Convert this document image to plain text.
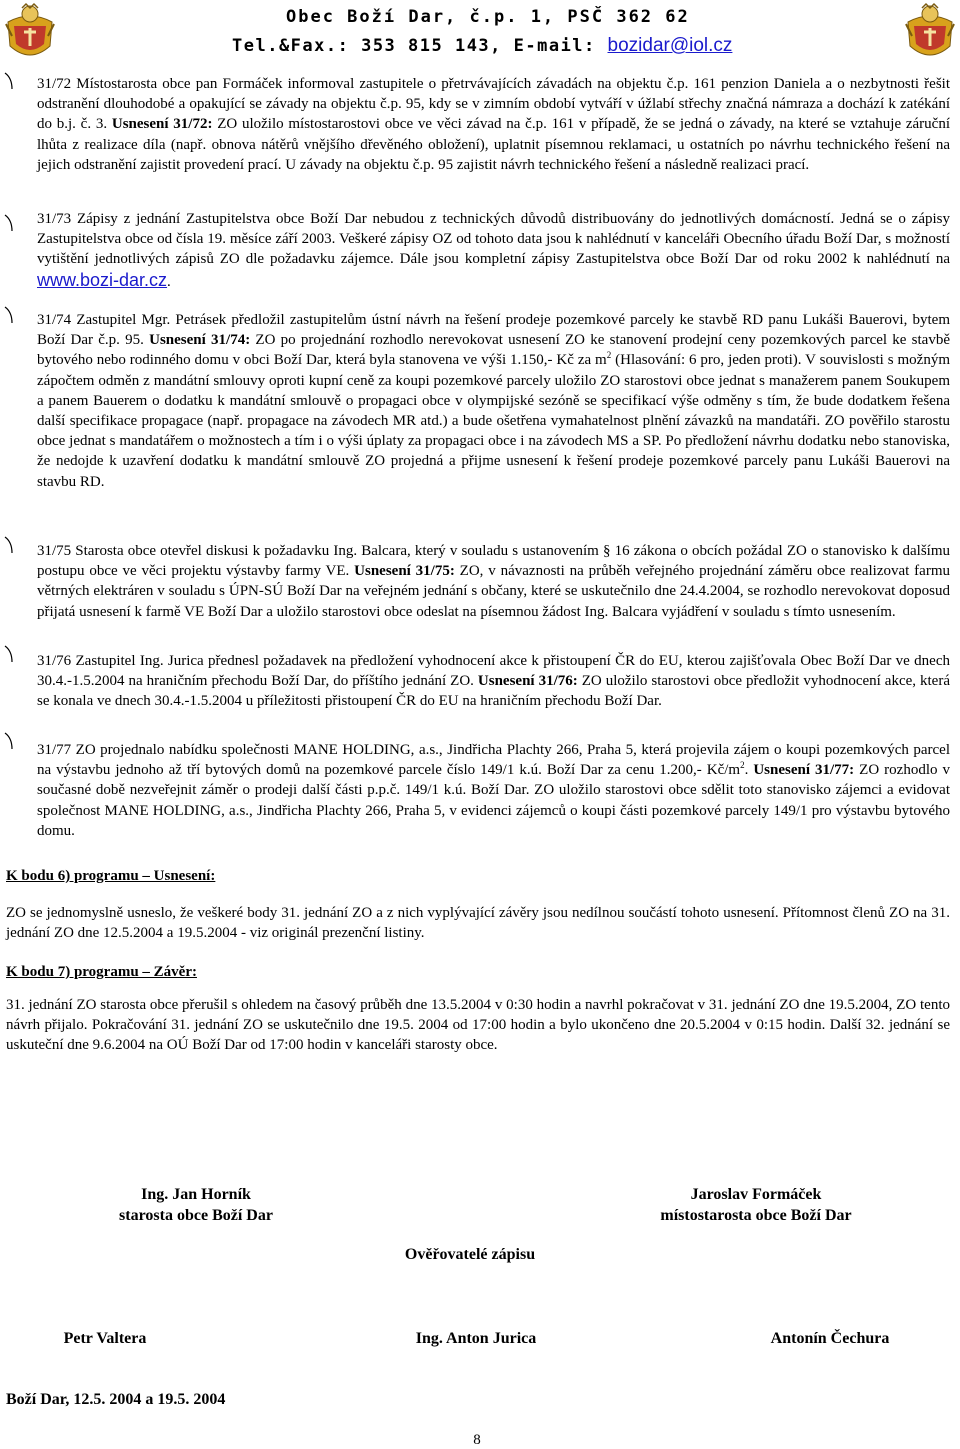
Obec Boží Dar, č.p. 1, PSČ 362 62
Tel.&Fax.: 353 815 143, E-mail: bozidar@iol.cz
31/72 Místostarosta obce pan Formáček informoval zastupitele o přetrvávajících závadách na objektu č.p. 161 penzion Daniela a o nezbytnosti řešit odstranění dlouhodobé a opakující se závady na objektu č.p. 95, kdy se v zimním období vytváří v úžlabí střechy značná námraza a dochází k zatékání do b.j. č. 3. Usnesení 31/72: ZO uložilo místostarostovi obce ve věci závad na č.p. 161 v případě, že se jedná o závady, na které se vztahuje záruční lhůta z realizace díla (např. obnova nátěrů vnějšího dřevěného obložení), uplatnit písemnou reklamaci, u ostatních po návrhu technického řešení na jejich odstranění zajistit provedení prací. U závady na objektu č.p. 95 zajistit návrh technického řešení a následně realizaci prací.
31/73 Zápisy z jednání Zastupitelstva obce Boží Dar nebudou z technických důvodů distribuovány do jednotlivých domácností. Jedná se o zápisy Zastupitelstva obce od čísla 19. měsíce září 2003. Veškeré zápisy OZ od tohoto data jsou k nahlédnutí v kanceláři Obecního úřadu Boží Dar, s možností vytištění jednotlivých zápisů ZO dle požadavku zájemce. Dále jsou kompletní zápisy Zastupitelstva obce Boží Dar od roku 2002 k nahlédnutí na www.bozi-dar.cz.
31/74 Zastupitel Mgr. Petrásek předložil zastupitelům ústní návrh na řešení prodeje pozemkové parcely ke stavbě RD panu Lukáši Bauerovi, bytem Boží Dar č.p. 95. Usnesení 31/74: ZO po projednání rozhodlo nerevokovat usnesení ZO ke stanovení prodejní ceny pozemkových parcel ke stavbě bytového nebo rodinného domu v obci Boží Dar, která byla stanovena ve výši 1.150,- Kč za $m^2$ (Hlasování: 6 pro, jeden proti). V souvislosti s možným zápočtem odměn z mandátní smlouvy oproti kupní ceně za koupi pozemkové parcely uložilo ZO starostovi obce jednat s manažerem panem Soukupem a panem Bauerem o dodatku k mandátní smlouvě o propagaci obce v olympijské sezóně se specifikací výše odměny s tím, že bude dodatkem řešena další specifikace propagace (např. propagace na závodech MR atd.) a bude ošetřena vymahatelnost plnění závazků na mandatáři. ZO pověřilo starostu obce jednat s mandatářem o možnostech a tím i o výši úplaty za propagaci obce i na závodech MS a SP. Po předložení návrhu dodatku nebo stanoviska, že nedojde k uzavření dodatku k mandátní smlouvě ZO projedná a přijme usnesení k řešení prodeje pozemkové parcely panu Lukáši Bauerovi na stavbu RD.
31/75 Starosta obce otevřel diskusi k požadavku Ing. Balcara, který v souladu s ustanovením § 16 zákona o obcích požádal ZO o stanovisko k dalšímu postupu obce ve věci projektu výstavby farmy VE. Usnesení 31/75: ZO, v návaznosti na průběh veřejného projednání záměru obce realizovat farmu větrných elektráren v souladu s ÚPN-SÚ Boží Dar na veřejném jednání s občany, které se uskutečnilo dne 24.4.2004, se rozhodlo nerevokovat doposud přijatá usnesení k farmě VE Boží Dar a uložilo starostovi obce odeslat na písemnou žádost Ing. Balcara vyjádření v souladu s tímto usnesením.
31/76 Zastupitel Ing. Jurica přednesl požadavek na předložení vyhodnocení akce k přistoupení ČR do EU, kterou zajišťovala Obec Boží Dar ve dnech 30.4.-1.5.2004 na hraničním přechodu Boží Dar, do příštího jednání ZO. Usnesení 31/76: ZO uložilo starostovi obce předložit vyhodnocení akce, která se konala ve dnech 30.4.-1.5.2004 u příležitosti přistoupení ČR do EU na hraničním přechodu Boží Dar.
31/77 ZO projednalo nabídku společnosti MANE HOLDING, a.s., Jindřicha Plachty 266, Praha 5, která projevila zájem o koupi pozemkových parcel na výstavbu jednoho až tří bytových domů na pozemkové parcele číslo 149/1 k.ú. Boží Dar za cenu 1.200,- $Kč/m^2$. Usnesení 31/77: ZO rozhodlo v současné době nezveřejnit záměr o prodeji další části p.p.č. 149/1 k.ú. Boží Dar. ZO uložilo starostovi obce sdělit toto stanovisko zájemci a evidovat společnost MANE HOLDING, a.s., Jindřicha Plachty 266, Praha 5, v evidenci zájemců o koupi části pozemkové parcely 149/1 pro výstavbu bytového domu.
K bodu 6) programu – Usnesení:
ZO se jednomyslně usneslo, že veškeré body 31. jednání ZO a z nich vyplývající závěry jsou nedílnou součástí tohoto usnesení. Přítomnost členů ZO na 31. jednání ZO dne 12.5.2004 a 19.5.2004 - viz originál prezenční listiny.
K bodu 7) programu – Závěr:
31. jednání ZO starosta obce přerušil s ohledem na časový průběh dne 13.5.2004 v 0:30 hodin a navrhl pokračovat v 31. jednání ZO dne 19.5.2004, ZO tento návrh přijalo. Pokračování 31. jednání ZO se uskutečnilo dne 19.5. 2004 od 17:00 hodin a bylo ukončeno dne 20.5.2004 v 0:15 hodin. Další 32. jednání se uskuteční dne 9.6.2004 na OÚ Boží Dar od 17:00 hodin v kanceláři starosty obce.
Ing. Jan Horník
starosta obce Boží Dar
Jaroslav Formáček
místostarosta obce Boží Dar
Ověřovatelé zápisu
Petr Valtera	Ing. Anton Jurica	Antonín Čechura
Boží Dar, 12.5. 2004 a 19.5. 2004
8
